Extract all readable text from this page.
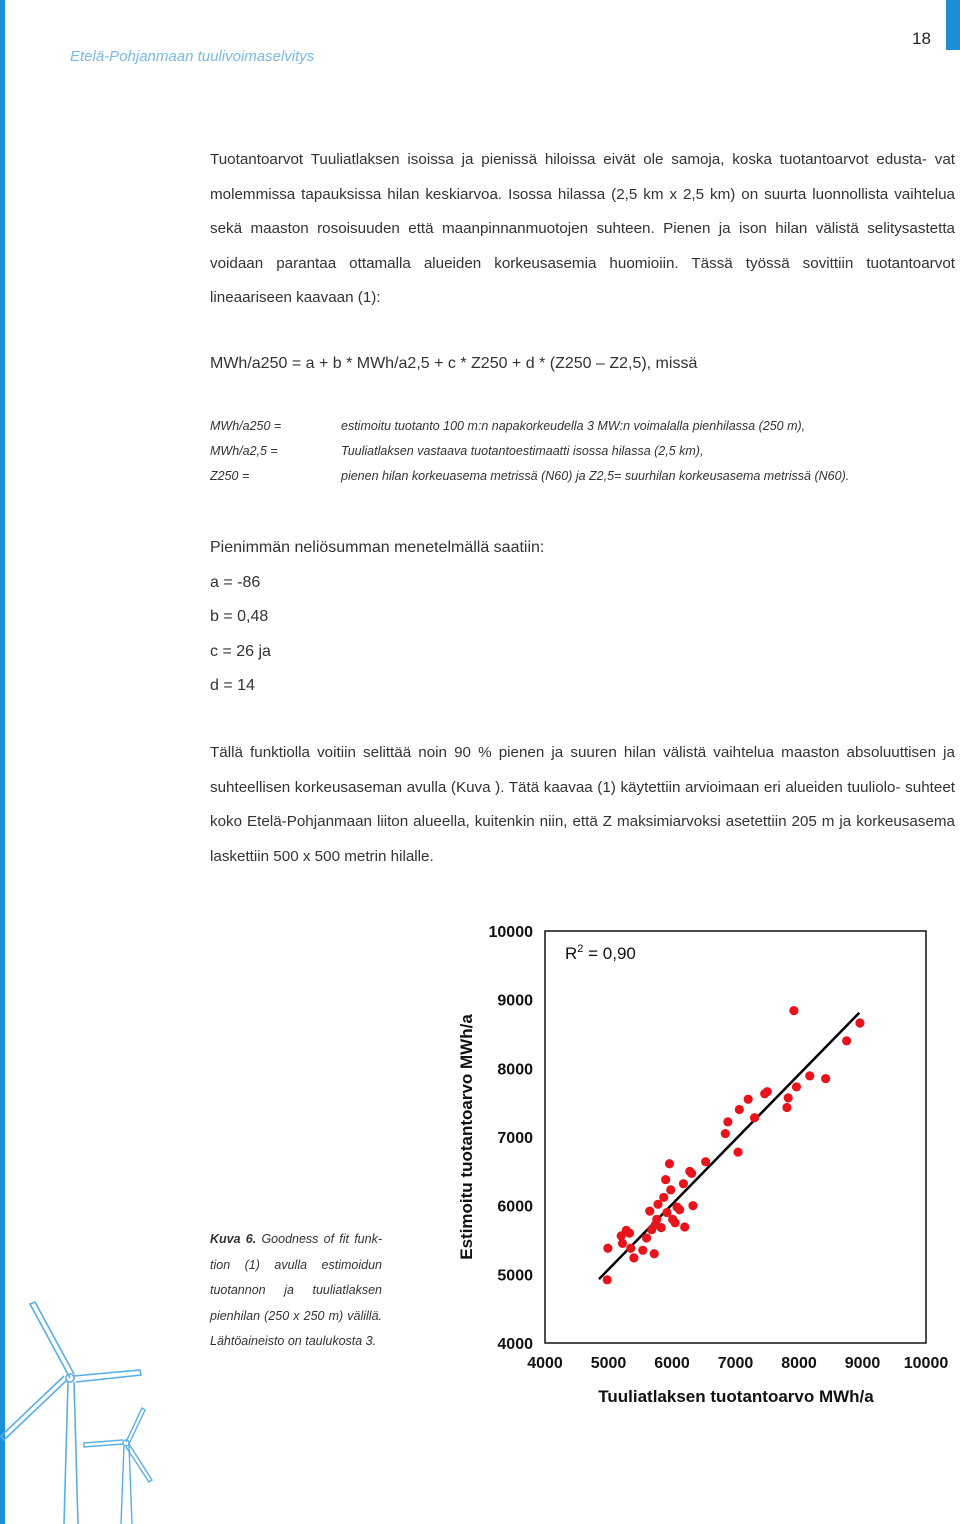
Etelä-Pohjanmaan tuulivoimaselvitys
18

Tuotantoarvot Tuuliatlaksen isoissa ja pienissä hiloissa eivät ole samoja, koska tuotantoarvot edusta- vat molemmissa tapauksissa hilan keskiarvoa. Isossa hilassa (2,5 km x 2,5 km) on suurta luonnollista vaihtelua sekä maaston rosoisuuden että maanpinnanmuotojen suhteen. Pienen ja ison hilan välistä selitysastetta voidaan parantaa ottamalla alueiden korkeusasemia huomioiin. Tässä työssä sovittiin tuotantoarvot lineaariseen kaavaan (1):

MWh/a250 = a + b * MWh/a2,5 + c * Z250 + d * (Z250 – Z2,5), missä
MWh/a250 =	estimoitu tuotanto 100 m:n napakorkeudella 3 MW:n voimalalla pienhilassa (250 m),
MWh/a2,5 =	Tuuliatlaksen vastaava tuotantoestimaatti isossa hilassa (2,5 km),
Z250 =	pienen hilan korkeuasema metrissä (N60) ja Z2,5= suurhilan korkeusasema metrissä (N60).
Pienimmän neliösumman menetelmällä saatiin:
a = -86
b = 0,48
c = 26 ja
d = 14

Tällä funktiolla voitiin selittää noin 90 % pienen ja suuren hilan välistä vaihtelua maaston absoluuttisen ja suhteellisen korkeusaseman avulla (Kuva ). Tätä kaavaa (1) käytettiin arvioimaan eri alueiden tuuliolo- suhteet koko Etelä-Pohjanmaan liiton alueella, kuitenkin niin, että Z maksimiarvoksi asetettiin 205 m ja korkeusasema laskettiin 500 x 500 metrin hilalle.

Kuva 6. Goodness of fit funk-tion (1) avulla estimoidun tuotannon ja tuuliatlaksen pienhilan (250 x 250 m) välillä. Lähtöaineisto on taulukosta 3.	4000
5000
6000
7000
8000
9000
10000
4000 5000 6000 7000 8000 9000 10000
$R^2 = 0,90$
Estimoitu tuotantoarvo MWh/a
Tuuliatlaksen tuotantoarvo MWh/a
